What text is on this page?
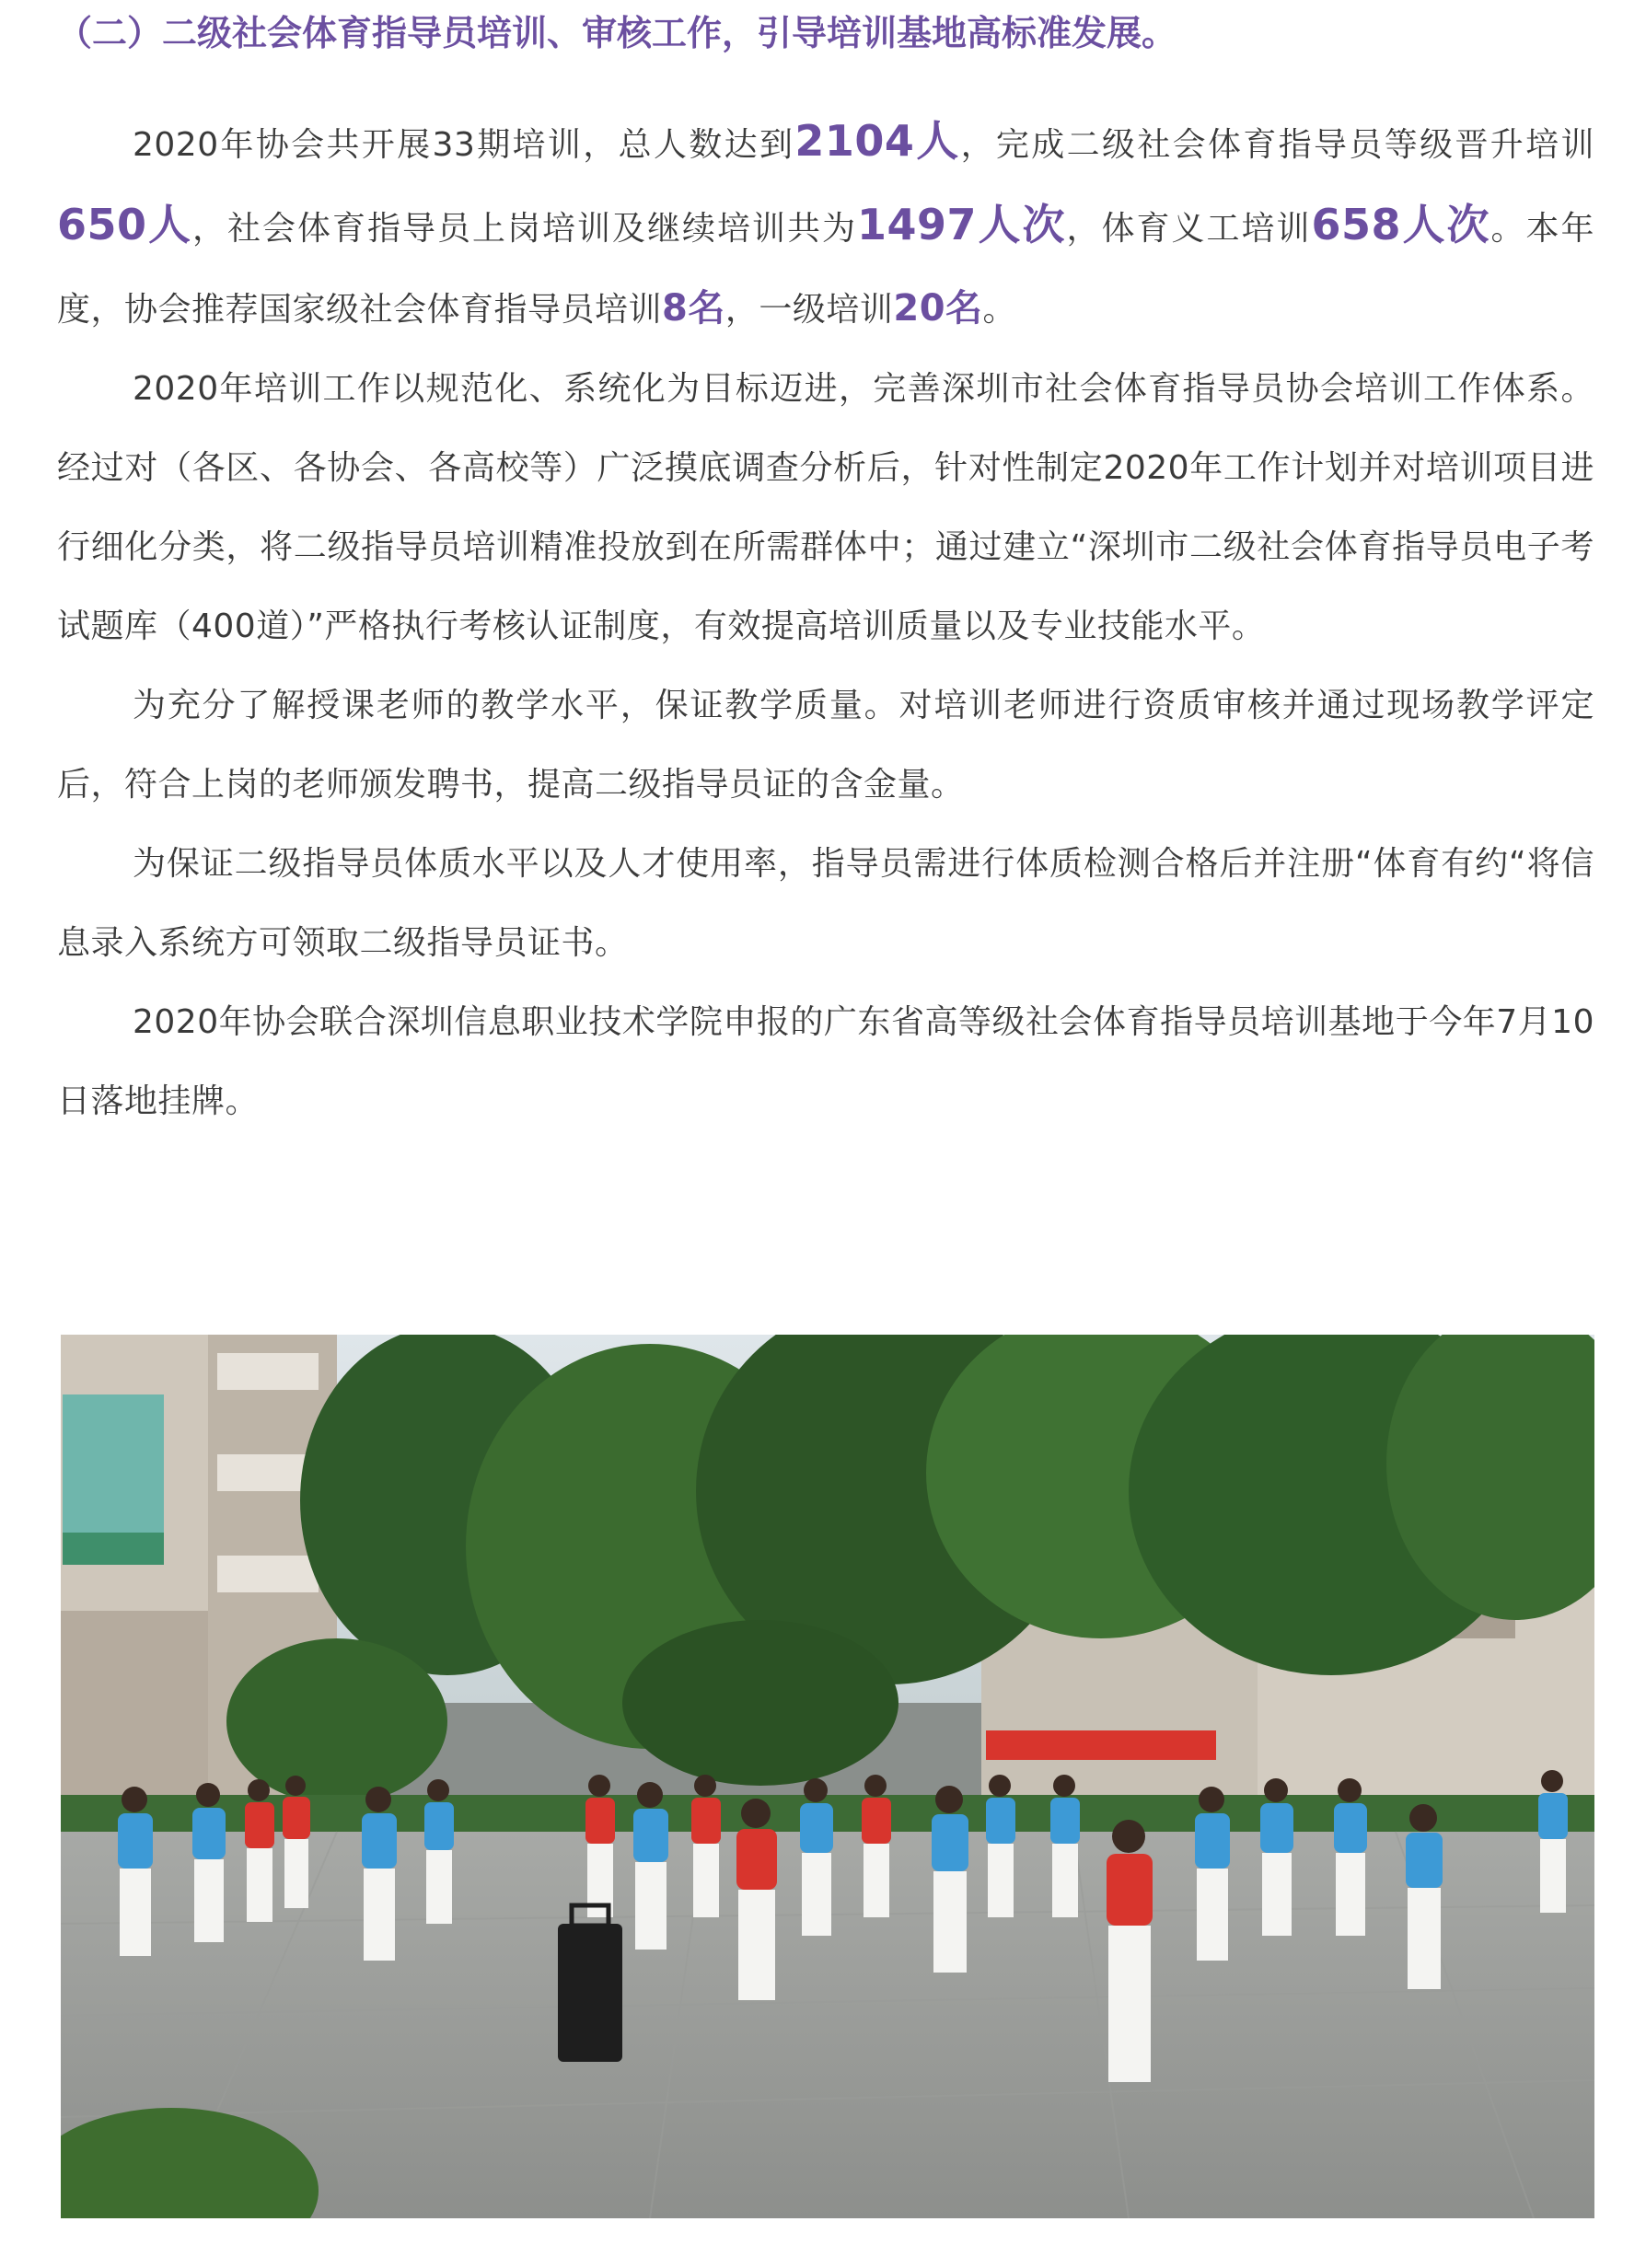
（二）二级社会体育指导员培训、审核工作，引导培训基地高标准发展。

2020年协会共开展33期培训，总人数达到2104人，完成二级社会体育指导员等级晋升培训650人，社会体育指导员上岗培训及继续培训共为1497人次，体育义工培训658人次。本年度，协会推荐国家级社会体育指导员培训8名，一级培训20名。

2020年培训工作以规范化、系统化为目标迈进，完善深圳市社会体育指导员协会培训工作体系。经过对（各区、各协会、各高校等）广泛摸底调查分析后，针对性制定2020年工作计划并对培训项目进行细化分类，将二级指导员培训精准投放到在所需群体中；通过建立“深圳市二级社会体育指导员电子考试题库（400道）”严格执行考核认证制度，有效提高培训质量以及专业技能水平。

为充分了解授课老师的教学水平，保证教学质量。对培训老师进行资质审核并通过现场教学评定后，符合上岗的老师颁发聘书，提高二级指导员证的含金量。

为保证二级指导员体质水平以及人才使用率，指导员需进行体质检测合格后并注册“体育有约“将信息录入系统方可领取二级指导员证书。

2020年协会联合深圳信息职业技术学院申报的广东省高等级社会体育指导员培训基地于今年7月10日落地挂牌。
